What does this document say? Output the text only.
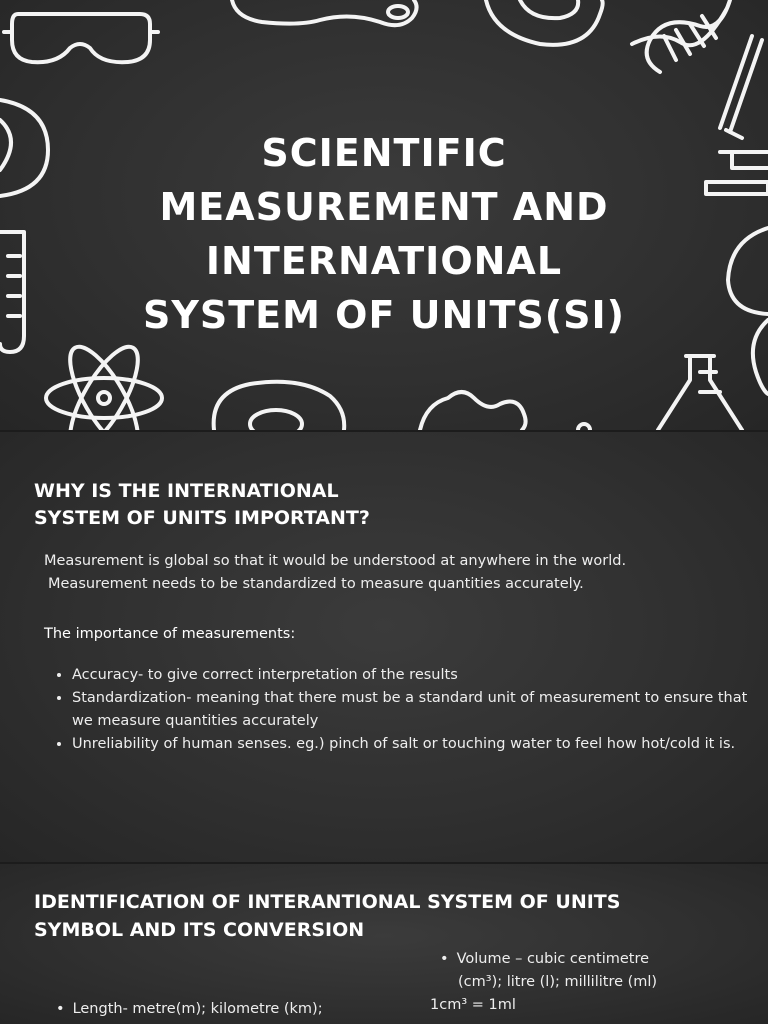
SCIENTIFIC
MEASUREMENT AND
INTERNATIONAL
SYSTEM OF UNITS(SI)
WHY IS THE INTERNATIONAL
SYSTEM OF UNITS IMPORTANT?
Measurement is global so that it would be understood at anywhere in the world.
Measurement needs to be standardized to measure quantities accurately.
The importance of measurements:
• Accuracy- to give correct interpretation of the results
• Standardization- meaning that there must be a standard unit of measurement to ensure that we measure quantities accurately
• Unreliability of human senses. eg.) pinch of salt or touching water to feel how hot/cold it is.
IDENTIFICATION OF INTERANTIONAL SYSTEM OF UNITS
SYMBOL AND ITS CONVERSION
• Volume – cubic centimetre
(cm³); litre (l); millilitre (ml)
1cm³ = 1ml
• Length- metre(m); kilometre (km);
